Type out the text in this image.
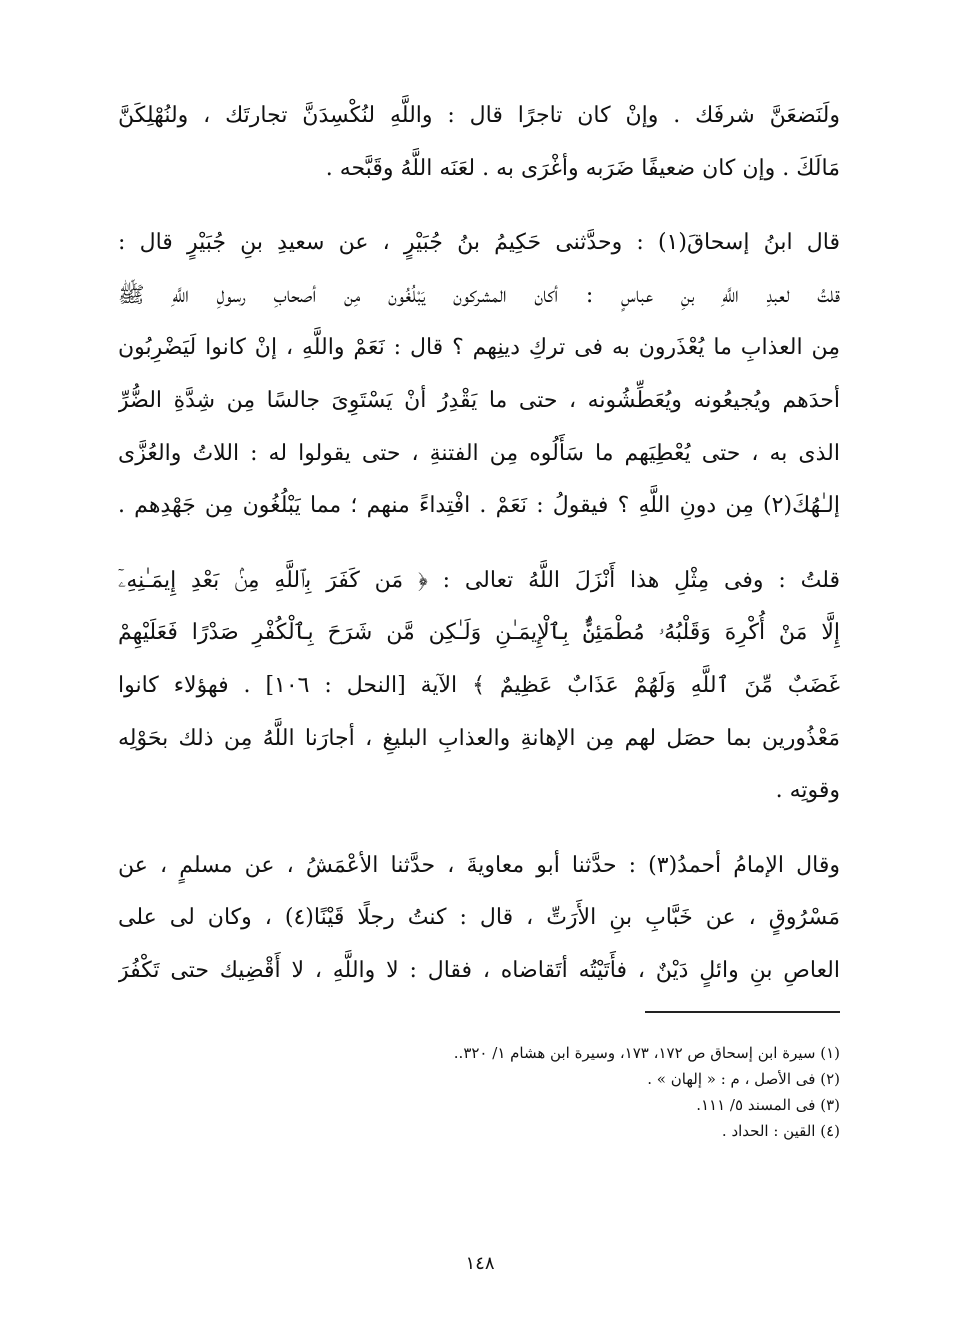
ولَنَضعَنَّ شرفَك . وإنْ كان تاجرًا قال : واللَّهِ لنُكْسِدَنَّ تجارتَك ، ولنُهْلِكَنَّ
مَالَكَ . وإن كان ضعيفًا ضَرَبه وأغْرَى به . لعَنَه اللَّهُ وقَبَّحه .
قال ابنُ إسحاقَ(١) : وحدَّثنى حَكِيمُ بنُ جُبَيْرٍ ، عن سعيدِ بنِ جُبَيْرٍ قال :
قلتُ لعبدِ اللَّهِ بنِ عباسٍ : أكان المشركون يَبْلُغُون مِن أصحابِ رسولِ اللَّهِ ﷺ
مِن العذابِ ما يُعْذَرون به فى تركِ دينِهم ؟ قال : نَعَمْ واللَّهِ ، إنْ كانوا لَيَضْرِبُون
أحدَهم ويُجيعُونه ويُعَطِّشُونه ، حتى ما يَقْدِرُ أنْ يَسْتَوِىَ جالسًا مِن شِدَّةِ الضُّرِّ
الذى به ، حتى يُعْطِيَهم ما سَأَلُوه مِن الفتنةِ ، حتى يقولوا له : اللاتُ والعُزَّى
إلـٰهُكَ(٢) مِن دونِ اللَّهِ ؟ فيقولُ : نَعَمْ . افْتِداءً منهم ؛ مما يَبْلُغُون مِن جَهْدِهم .
قلتُ : وفى مِثْلِ هذا أَنْزَلَ اللَّهُ تعالى : ﴿ مَن كَفَرَ بِٱللَّهِ مِنۢ بَعْدِ إِيمَـٰنِهِۦٓ
إِلَّا مَنْ أُكْرِهَ وَقَلْبُهُۥ مُطْمَئِنٌّۢ بِٱلْإِيمَـٰنِ وَلَـٰكِن مَّن شَرَحَ بِٱلْكُفْرِ صَدْرًا فَعَلَيْهِمْ
غَضَبٌ مِّنَ ٱللَّهِ وَلَهُمْ عَذَابٌ عَظِيمٌ ﴾ الآية [النحل : ١٠٦] . فهؤلاء كانوا
مَعْذُورين بما حصَل لهم مِن الإهانةِ والعذابِ البليغِ ، أجارَنا اللَّهُ مِن ذلك بحَوْلِه
وقوتِه .
وقال الإمامُ أحمدُ(٣) : حدَّثنا أبو معاويةَ ، حدَّثنا الأعْمَشُ ، عن مسلمٍ ، عن
مَسْرُوقٍ ، عن خَبَّابِ بنِ الأَرَتِّ ، قال : كنتُ رجلًا قَيْنًا(٤) ، وكان لى على
العاصِ بنِ وائلٍ دَيْنٌ ، فأَتَيْتُه أتَقاضاه ، فقال : لا واللَّهِ ، لا أَقْضِيك حتى تَكْفُرَ
(١) سيرة ابن إسحاق ص ١٧٢، ١٧٣، وسيرة ابن هشام ١/ ٣٢٠..
(٢) فى الأصل ، م : « إلهان » .
(٣) فى المسند ٥/ ١١١.
(٤) القين : الحداد .
١٤٨
